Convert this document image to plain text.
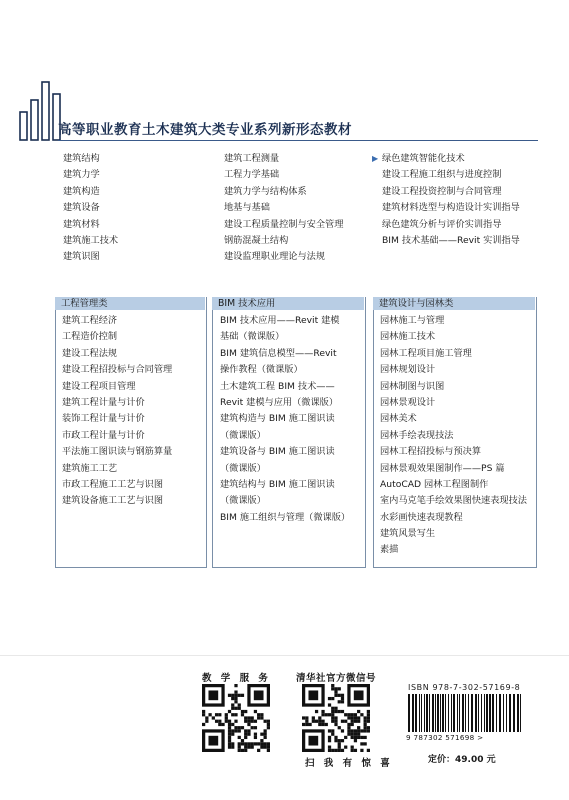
高等职业教育土木建筑大类专业系列新形态教材
建筑结构
建筑力学
建筑构造
建筑设备
建筑材料
建筑施工技术
建筑识图
建筑工程测量
工程力学基础
建筑力学与结构体系
地基与基础
建设工程质量控制与安全管理
钢筋混凝土结构
建设监理职业理论与法规
▶ 绿色建筑智能化技术
建设工程施工组织与进度控制
建设工程投资控制与合同管理
建筑材料选型与构造设计实训指导
绿色建筑分析与评价实训指导
BIM 技术基础——Revit 实训指导
工程管理类
建筑工程经济
工程造价控制
建设工程法规
建设工程招投标与合同管理
建设工程项目管理
建筑工程计量与计价
装饰工程计量与计价
市政工程计量与计价
平法施工图识读与钢筋算量
建筑施工工艺
市政工程施工工艺与识图
建筑设备施工工艺与识图
BIM 技术应用
BIM 技术应用——Revit 建模
基础（微课版）
BIM 建筑信息模型——Revit
操作教程（微课版）
土木建筑工程 BIM 技术——
Revit 建模与应用（微课版）
建筑构造与 BIM 施工图识读
（微课版）
建筑设备与 BIM 施工图识读
（微课版）
建筑结构与 BIM 施工图识读
（微课版）
BIM 施工组织与管理（微课版）
建筑设计与园林类
园林施工与管理
园林施工技术
园林工程项目施工管理
园林规划设计
园林制图与识图
园林景观设计
园林美术
园林手绘表现技法
园林工程招投标与预决算
园林景观效果图制作——PS 篇
AutoCAD 园林工程图制作
室内马克笔手绘效果图快速表现技法
水彩画快速表现教程
建筑风景写生
素描
教 学 服 务	清华社官方微信号
扫 我 有 惊 喜
ISBN 978-7-302-57169-8
9 787302 571698 >
定价：49.00 元
